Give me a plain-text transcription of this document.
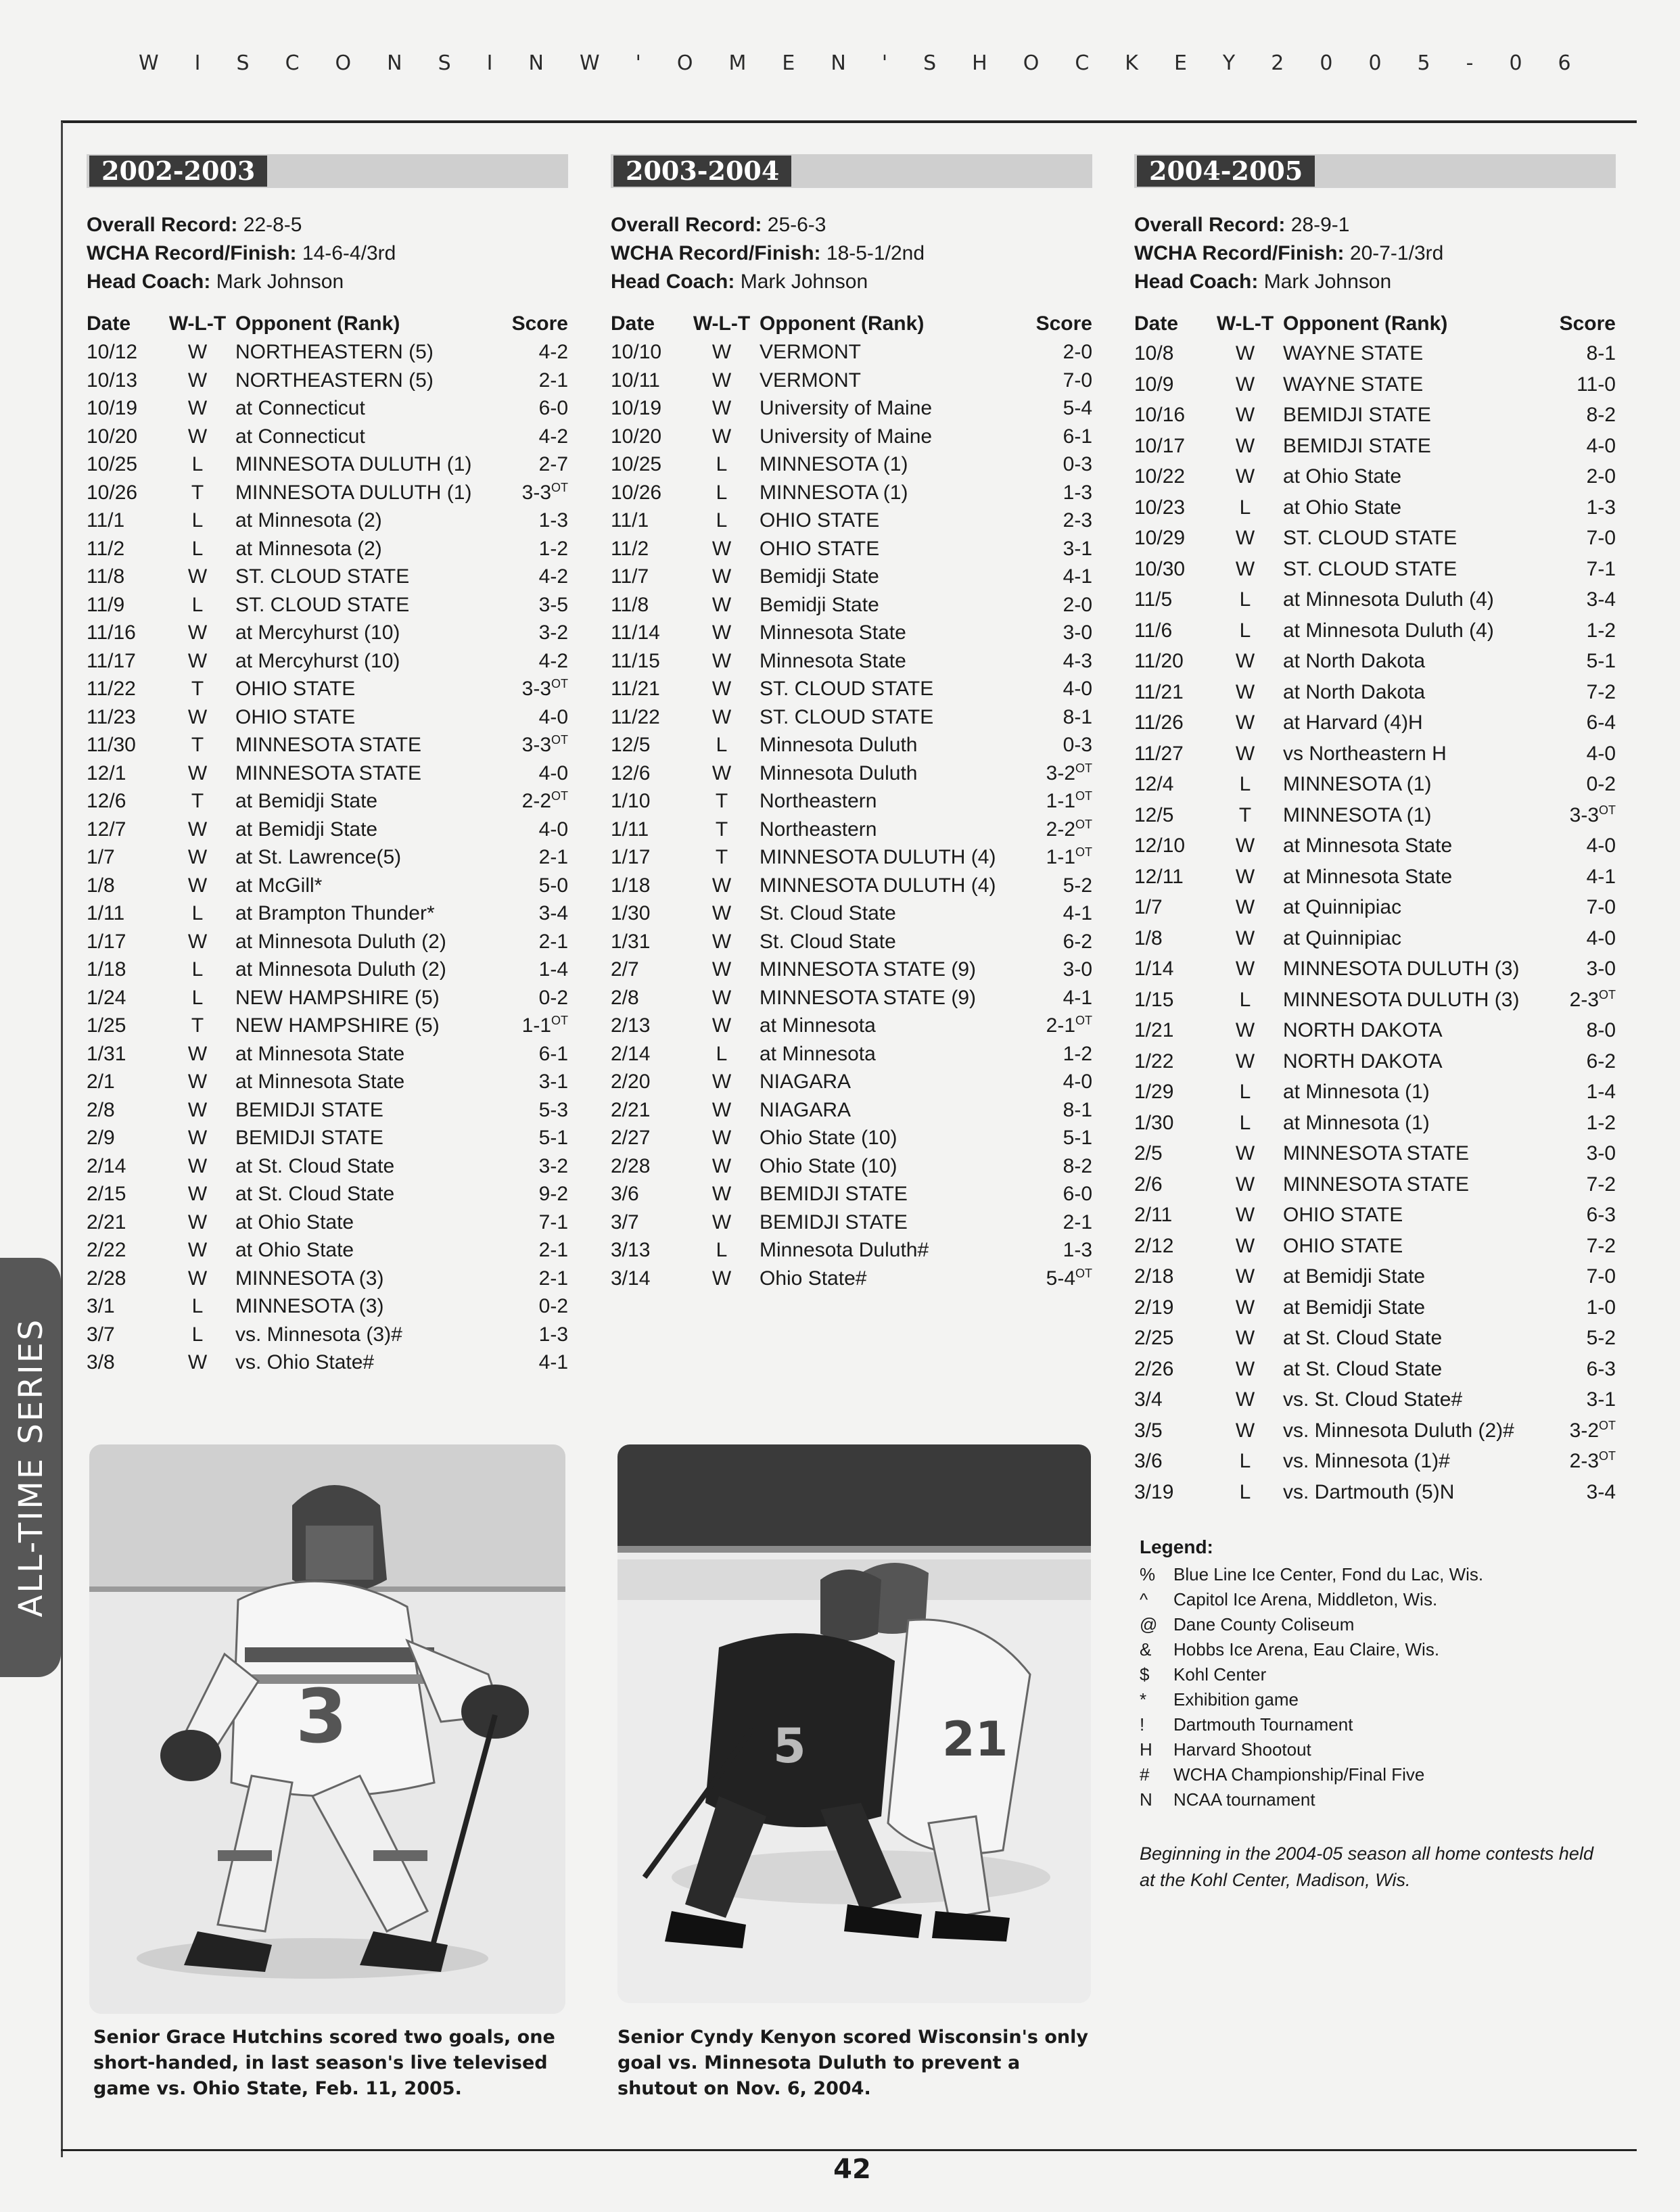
W I S C O N S I N W ' O M E N ' S H O C K E Y 2 0 0 5 - 0 6
ALL-TIME SERIES
2002-2003
Overall Record: 22-8-5
WCHA Record/Finish: 14-6-4/3rd
Head Coach: Mark Johnson
Date	W-L-T	Opponent (Rank)	Score
10/12	W	NORTHEASTERN (5)	4-2
10/13	W	NORTHEASTERN (5)	2-1
10/19	W	at Connecticut	6-0
10/20	W	at Connecticut	4-2
10/25	L	MINNESOTA DULUTH (1)	2-7
10/26	T	MINNESOTA DULUTH (1)	$3-3^{OT}$
11/1	L	at Minnesota (2)	1-3
11/2	L	at Minnesota (2)	1-2
11/8	W	ST. CLOUD STATE	4-2
11/9	L	ST. CLOUD STATE	3-5
11/16	W	at Mercyhurst (10)	3-2
11/17	W	at Mercyhurst (10)	4-2
11/22	T	OHIO STATE	$3-3^{OT}$
11/23	W	OHIO STATE	4-0
11/30	T	MINNESOTA STATE	$3-3^{OT}$
12/1	W	MINNESOTA STATE	4-0
12/6	T	at Bemidji State	$2-2^{OT}$
12/7	W	at Bemidji State	4-0
1/7	W	at St. Lawrence(5)	2-1
1/8	W	at McGill*	5-0
1/11	L	at Brampton Thunder*	3-4
1/17	W	at Minnesota Duluth (2)	2-1
1/18	L	at Minnesota Duluth (2)	1-4
1/24	L	NEW HAMPSHIRE (5)	0-2
1/25	T	NEW HAMPSHIRE (5)	$1-1^{OT}$
1/31	W	at Minnesota State	6-1
2/1	W	at Minnesota State	3-1
2/8	W	BEMIDJI STATE	5-3
2/9	W	BEMIDJI STATE	5-1
2/14	W	at St. Cloud State	3-2
2/15	W	at St. Cloud State	9-2
2/21	W	at Ohio State	7-1
2/22	W	at Ohio State	2-1
2/28	W	MINNESOTA (3)	2-1
3/1	L	MINNESOTA (3)	0-2
3/7	L	vs. Minnesota (3)#	1-3
3/8	W	vs. Ohio State#	4-1
2003-2004
Overall Record: 25-6-3
WCHA Record/Finish: 18-5-1/2nd
Head Coach: Mark Johnson
Date	W-L-T	Opponent (Rank)	Score
10/10	W	VERMONT	2-0
10/11	W	VERMONT	7-0
10/19	W	University of Maine	5-4
10/20	W	University of Maine	6-1
10/25	L	MINNESOTA (1)	0-3
10/26	L	MINNESOTA (1)	1-3
11/1	L	OHIO STATE	2-3
11/2	W	OHIO STATE	3-1
11/7	W	Bemidji State	4-1
11/8	W	Bemidji State	2-0
11/14	W	Minnesota State	3-0
11/15	W	Minnesota State	4-3
11/21	W	ST. CLOUD STATE	4-0
11/22	W	ST. CLOUD STATE	8-1
12/5	L	Minnesota Duluth	0-3
12/6	W	Minnesota Duluth	$3-2^{OT}$
1/10	T	Northeastern	$1-1^{OT}$
1/11	T	Northeastern	$2-2^{OT}$
1/17	T	MINNESOTA DULUTH (4)	$1-1^{OT}$
1/18	W	MINNESOTA DULUTH (4)	5-2
1/30	W	St. Cloud State	4-1
1/31	W	St. Cloud State	6-2
2/7	W	MINNESOTA STATE (9)	3-0
2/8	W	MINNESOTA STATE (9)	4-1
2/13	W	at Minnesota	$2-1^{OT}$
2/14	L	at Minnesota	1-2
2/20	W	NIAGARA	4-0
2/21	W	NIAGARA	8-1
2/27	W	Ohio State (10)	5-1
2/28	W	Ohio State (10)	8-2
3/6	W	BEMIDJI STATE	6-0
3/7	W	BEMIDJI STATE	2-1
3/13	L	Minnesota Duluth#	1-3
3/14	W	Ohio State#	$5-4^{OT}$
2004-2005
Overall Record: 28-9-1
WCHA Record/Finish: 20-7-1/3rd
Head Coach: Mark Johnson
Date	W-L-T	Opponent (Rank)	Score
10/8	W	WAYNE STATE	8-1
10/9	W	WAYNE STATE	11-0
10/16	W	BEMIDJI STATE	8-2
10/17	W	BEMIDJI STATE	4-0
10/22	W	at Ohio State	2-0
10/23	L	at Ohio State	1-3
10/29	W	ST. CLOUD STATE	7-0
10/30	W	ST. CLOUD STATE	7-1
11/5	L	at Minnesota Duluth (4)	3-4
11/6	L	at Minnesota Duluth (4)	1-2
11/20	W	at North Dakota	5-1
11/21	W	at North Dakota	7-2
11/26	W	at Harvard (4)H	6-4
11/27	W	vs Northeastern H	4-0
12/4	L	MINNESOTA (1)	0-2
12/5	T	MINNESOTA (1)	$3-3^{OT}$
12/10	W	at Minnesota State	4-0
12/11	W	at Minnesota State	4-1
1/7	W	at Quinnipiac	7-0
1/8	W	at Quinnipiac	4-0
1/14	W	MINNESOTA DULUTH (3)	3-0
1/15	L	MINNESOTA DULUTH (3)	$2-3^{OT}$
1/21	W	NORTH DAKOTA	8-0
1/22	W	NORTH DAKOTA	6-2
1/29	L	at Minnesota (1)	1-4
1/30	L	at Minnesota (1)	1-2
2/5	W	MINNESOTA STATE	3-0
2/6	W	MINNESOTA STATE	7-2
2/11	W	OHIO STATE	6-3
2/12	W	OHIO STATE	7-2
2/18	W	at Bemidji State	7-0
2/19	W	at Bemidji State	1-0
2/25	W	at St. Cloud State	5-2
2/26	W	at St. Cloud State	6-3
3/4	W	vs. St. Cloud State#	3-1
3/5	W	vs. Minnesota Duluth (2)#	$3-2^{OT}$
3/6	L	vs. Minnesota (1)#	$2-3^{OT}$
3/19	L	vs. Dartmouth (5)N	3-4
3
Senior Grace Hutchins scored two goals, one short-handed, in last season's live televised game vs. Ohio State, Feb. 11, 2005.
21
5
Senior Cyndy Kenyon scored Wisconsin's only goal vs. Minnesota Duluth to prevent a shutout on Nov. 6, 2004.
Legend:
%	Blue Line Ice Center, Fond du Lac, Wis.
^	Capitol Ice Arena, Middleton, Wis.
@ Dane County Coliseum
&	Hobbs Ice Arena, Eau Claire, Wis.
$	Kohl Center
*	Exhibition game
!	Dartmouth Tournament
H	Harvard Shootout
#	WCHA Championship/Final Five
N	NCAA tournament
Beginning in the 2004-05 season all home contests held at the Kohl Center, Madison, Wis.
42
